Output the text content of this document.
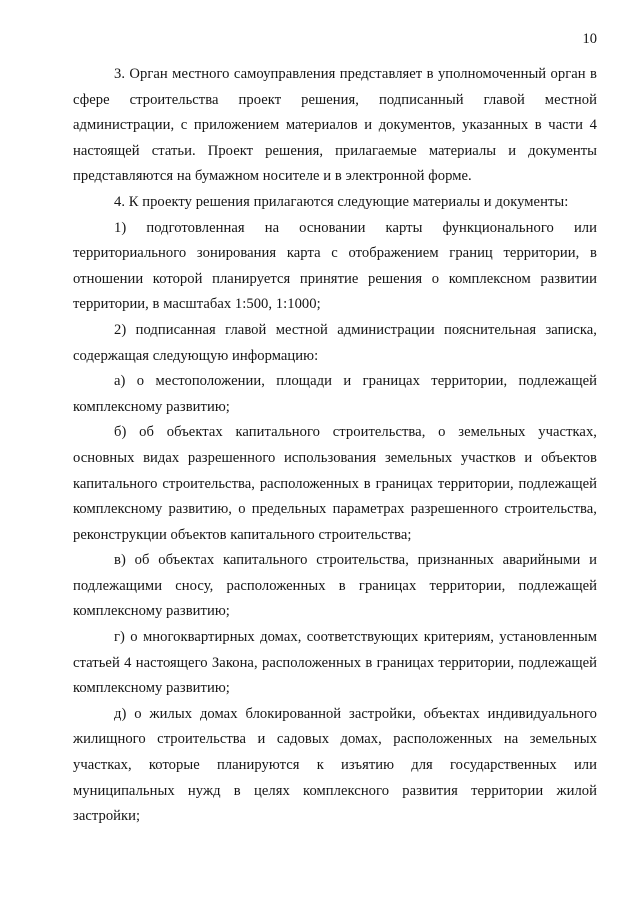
10

3. Орган местного самоуправления представляет в уполномоченный орган в сфере строительства проект решения, подписанный главой местной администрации, с приложением материалов и документов, указанных в части 4 настоящей статьи. Проект решения, прилагаемые материалы и документы представляются на бумажном носителе и в электронной форме.

4. К проекту решения прилагаются следующие материалы и документы:

1) подготовленная на основании карты функционального или территориального зонирования карта с отображением границ территории, в отношении которой планируется принятие решения о комплексном развитии территории, в масштабах 1:500, 1:1000;

2) подписанная главой местной администрации пояснительная записка, содержащая следующую информацию:

а) о местоположении, площади и границах территории, подлежащей комплексному развитию;

б) об объектах капитального строительства, о земельных участках, основных видах разрешенного использования земельных участков и объектов капитального строительства, расположенных в границах территории, подлежащей комплексному развитию, о предельных параметрах разрешенного строительства, реконструкции объектов капитального строительства;

в) об объектах капитального строительства, признанных аварийными и подлежащими сносу, расположенных в границах территории, подлежащей комплексному развитию;

г) о многоквартирных домах, соответствующих критериям, установленным статьей 4 настоящего Закона, расположенных в границах территории, подлежащей комплексному развитию;

д) о жилых домах блокированной застройки, объектах индивидуального жилищного строительства и садовых домах, расположенных на земельных участках, которые планируются к изъятию для государственных или муниципальных нужд в целях комплексного развития территории жилой застройки;
